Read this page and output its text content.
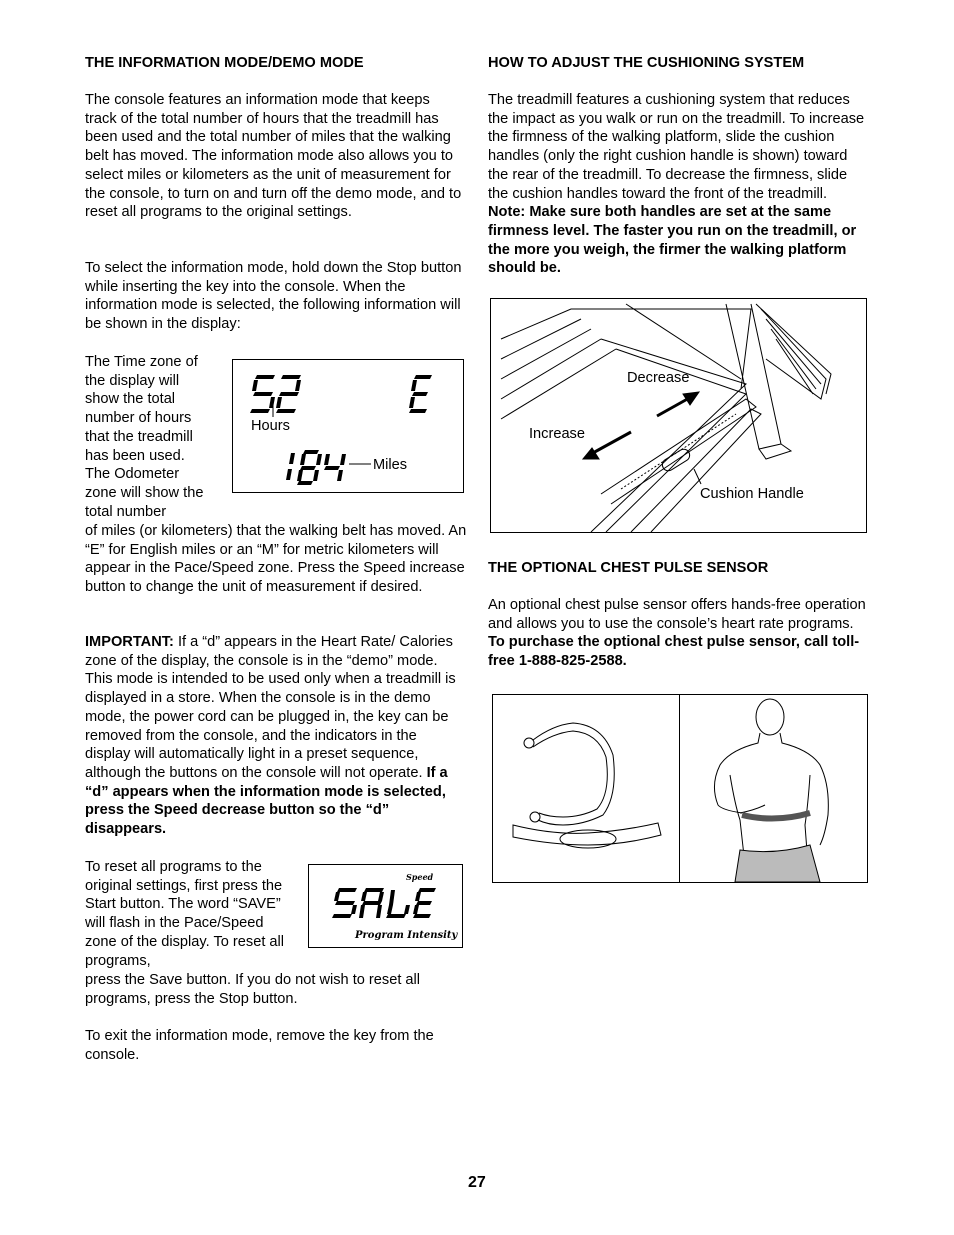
THE INFORMATION MODE/DEMO MODE

The console features an information mode that keeps track of the total number of hours that the treadmill has been used and the total number of miles that the walking belt has moved. The information mode also allows you to select miles or kilometers as the unit of measurement for the console, to turn on and turn off the demo mode, and to reset all programs to the original settings.

To select the information mode, hold down the Stop button while inserting the key into the console. When the information mode is selected, the following information will be shown in the display:

The Time zone of the display will show the total number of hours that the treadmill has been used. The Odometer zone will show the total number

of miles (or kilometers) that the walking belt has moved. An “E” for English miles or an “M” for metric kilometers will appear in the Pace/Speed zone. Press the Speed increase button to change the unit of measurement if desired.

Hours
Miles

IMPORTANT: If a “d” appears in the Heart Rate/ Calories zone of the display, the console is in the “demo” mode. This mode is intended to be used only when a treadmill is displayed in a store. When the console is in the demo mode, the power cord can be plugged in, the key can be removed from the console, and the indicators in the display will automatically light in a preset sequence, although the buttons on the console will not operate. If a “d” appears when the information mode is selected, press the Speed decrease button so the “d” disappears.

To reset all programs to the original settings, first press the Start button. The word “SAVE” will flash in the Pace/Speed zone of the display. To reset all programs,

press the Save button. If you do not wish to reset all programs, press the Stop button.

Speed
Program Intensity

To exit the information mode, remove the key from the console.

HOW TO ADJUST THE CUSHIONING SYSTEM

The treadmill features a cushioning system that reduces the impact as you walk or run on the treadmill. To increase the firmness of the walking platform, slide the cushion handles (only the right cushion handle is shown) toward the rear of the treadmill. To decrease the firmness, slide the cushion handles toward the front of the treadmill. Note: Make sure both handles are set at the same firmness level. The faster you run on the treadmill, or the more you weigh, the firmer the walking platform should be.

Decrease
Increase
Cushion Handle
THE OPTIONAL CHEST PULSE SENSOR

An optional chest pulse sensor offers hands-free operation and allows you to use the console’s heart rate programs. To purchase the optional chest pulse sensor, call toll-free 1-888-825-2588.

27
